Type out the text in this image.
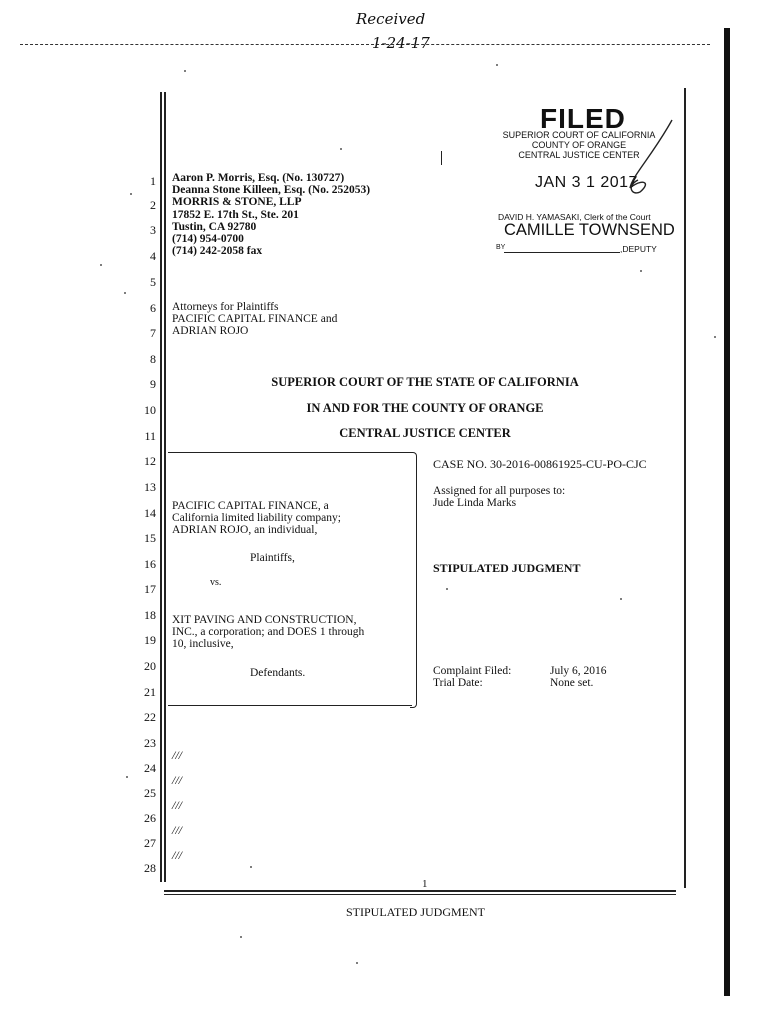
Received
1-24-17
FILED
SUPERIOR COURT OF CALIFORNIA
COUNTY OF ORANGE
CENTRAL JUSTICE CENTER
JAN 3 1 2017
DAVID H. YAMASAKI, Clerk of the Court
BY
CAMILLE TOWNSEND
,DEPUTY
1
2
3
4
5
6
7
8
9
10
11
12
13
14
15
16
17
18
19
20
21
22
23
24
25
26
27
28
Aaron P. Morris, Esq. (No. 130727)
Deanna Stone Killeen, Esq. (No. 252053)
MORRIS & STONE, LLP
17852 E. 17th St., Ste. 201
Tustin, CA 92780
(714) 954-0700
(714) 242-2058 fax
Attorneys for Plaintiffs
PACIFIC CAPITAL FINANCE and
ADRIAN ROJO
SUPERIOR COURT OF THE STATE OF CALIFORNIA
IN AND FOR THE COUNTY OF ORANGE
CENTRAL JUSTICE CENTER
PACIFIC CAPITAL FINANCE, a
California limited liability company;
ADRIAN ROJO, an individual,
Plaintiffs,
vs.
XIT PAVING AND CONSTRUCTION,
INC., a corporation; and DOES 1 through
10, inclusive,
Defendants.
CASE NO. 30-2016-00861925-CU-PO-CJC
Assigned for all purposes to:
Jude Linda Marks
STIPULATED JUDGMENT
Complaint Filed:	July 6, 2016
Trial Date:	None set.
///
///
///
///
///
1
STIPULATED JUDGMENT
